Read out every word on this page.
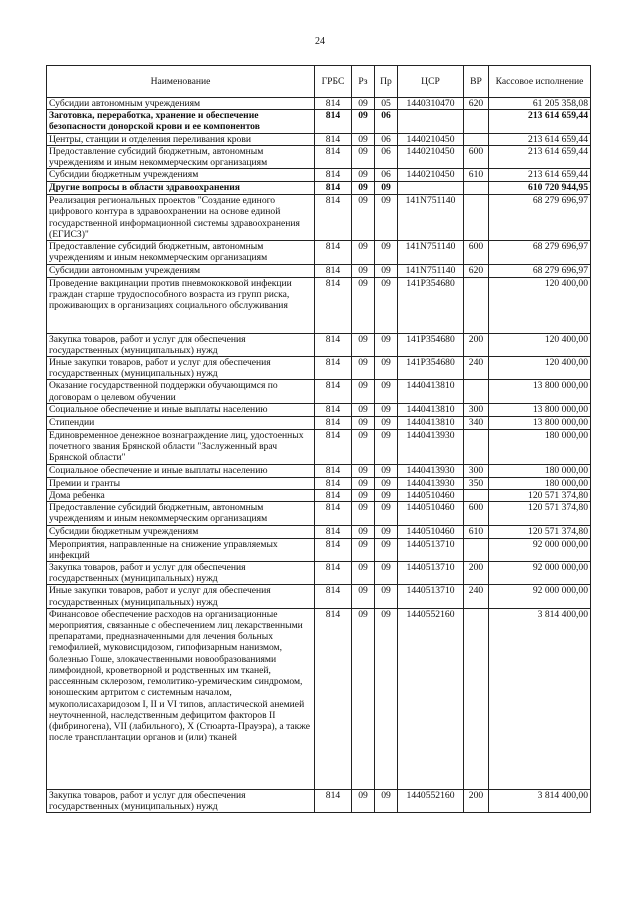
24
Наименование	ГРБС	Рз	Пр	ЦСР	ВР	Кассовое исполнение
Субсидии автономным учреждениям	814	09	05	1440310470	620	61 205 358,08
Заготовка, переработка, хранение и обеспечение безопасности донорской крови и ее компонентов	814	09	06			213 614 659,44
Центры, станции и отделения переливания крови	814	09	06	1440210450		213 614 659,44
Предоставление субсидий бюджетным, автономным учреждениям и иным некоммерческим организациям	814	09	06	1440210450	600	213 614 659,44
Субсидии бюджетным учреждениям	814	09	06	1440210450	610	213 614 659,44
Другие вопросы в области здравоохранения	814	09	09			610 720 944,95
Реализация региональных проектов "Создание единого цифрового контура в здравоохранении на основе единой государственной информационной системы здравоохранения (ЕГИСЗ)"	814	09	09	141N751140		68 279 696,97
Предоставление субсидий бюджетным, автономным учреждениям и иным некоммерческим организациям	814	09	09	141N751140	600	68 279 696,97
Субсидии автономным учреждениям	814	09	09	141N751140	620	68 279 696,97
Проведение вакцинации против пневмококковой инфекции граждан старше трудоспособного возраста из групп риска, проживающих в организациях социального обслуживания	814	09	09	141P354680		120 400,00
Закупка товаров, работ и услуг для обеспечения государственных (муниципальных) нужд	814	09	09	141P354680	200	120 400,00
Иные закупки товаров, работ и услуг для обеспечения государственных (муниципальных) нужд	814	09	09	141P354680	240	120 400,00
Оказание государственной поддержки обучающимся по договорам о целевом обучении	814	09	09	1440413810		13 800 000,00
Социальное обеспечение и иные выплаты населению	814	09	09	1440413810	300	13 800 000,00
Стипендии	814	09	09	1440413810	340	13 800 000,00
Единовременное денежное вознаграждение лиц, удостоенных почетного звания Брянской области "Заслуженный врач Брянской области"	814	09	09	1440413930		180 000,00
Социальное обеспечение и иные выплаты населению	814	09	09	1440413930	300	180 000,00
Премии и гранты	814	09	09	1440413930	350	180 000,00
Дома ребенка	814	09	09	1440510460		120 571 374,80
Предоставление субсидий бюджетным, автономным учреждениям и иным некоммерческим организациям	814	09	09	1440510460	600	120 571 374,80
Субсидии бюджетным учреждениям	814	09	09	1440510460	610	120 571 374,80
Мероприятия, направленные на снижение управляемых инфекций	814	09	09	1440513710		92 000 000,00
Закупка товаров, работ и услуг для обеспечения государственных (муниципальных) нужд	814	09	09	1440513710	200	92 000 000,00
Иные закупки товаров, работ и услуг для обеспечения государственных (муниципальных) нужд	814	09	09	1440513710	240	92 000 000,00
Финансовое обеспечение расходов на организационные мероприятия, связанные с обеспечением лиц лекарственными препаратами, предназначенными для лечения больных гемофилией, муковисцидозом, гипофизарным нанизмом, болезнью Гоше, злокачественными новообразованиями лимфоидной, кроветворной и родственных им тканей, рассеянным склерозом, гемолитико-уремическим синдромом, юношеским артритом с системным началом, мукополисахаридозом I, II и VI типов, апластической анемией неуточненной, наследственным дефицитом факторов II (фибриногена), VII (лабильного), X (Стюарта-Прауэра), а также после трансплантации органов и (или) тканей	814	09	09	1440552160		3 814 400,00
Закупка товаров, работ и услуг для обеспечения государственных (муниципальных) нужд	814	09	09	1440552160	200	3 814 400,00
